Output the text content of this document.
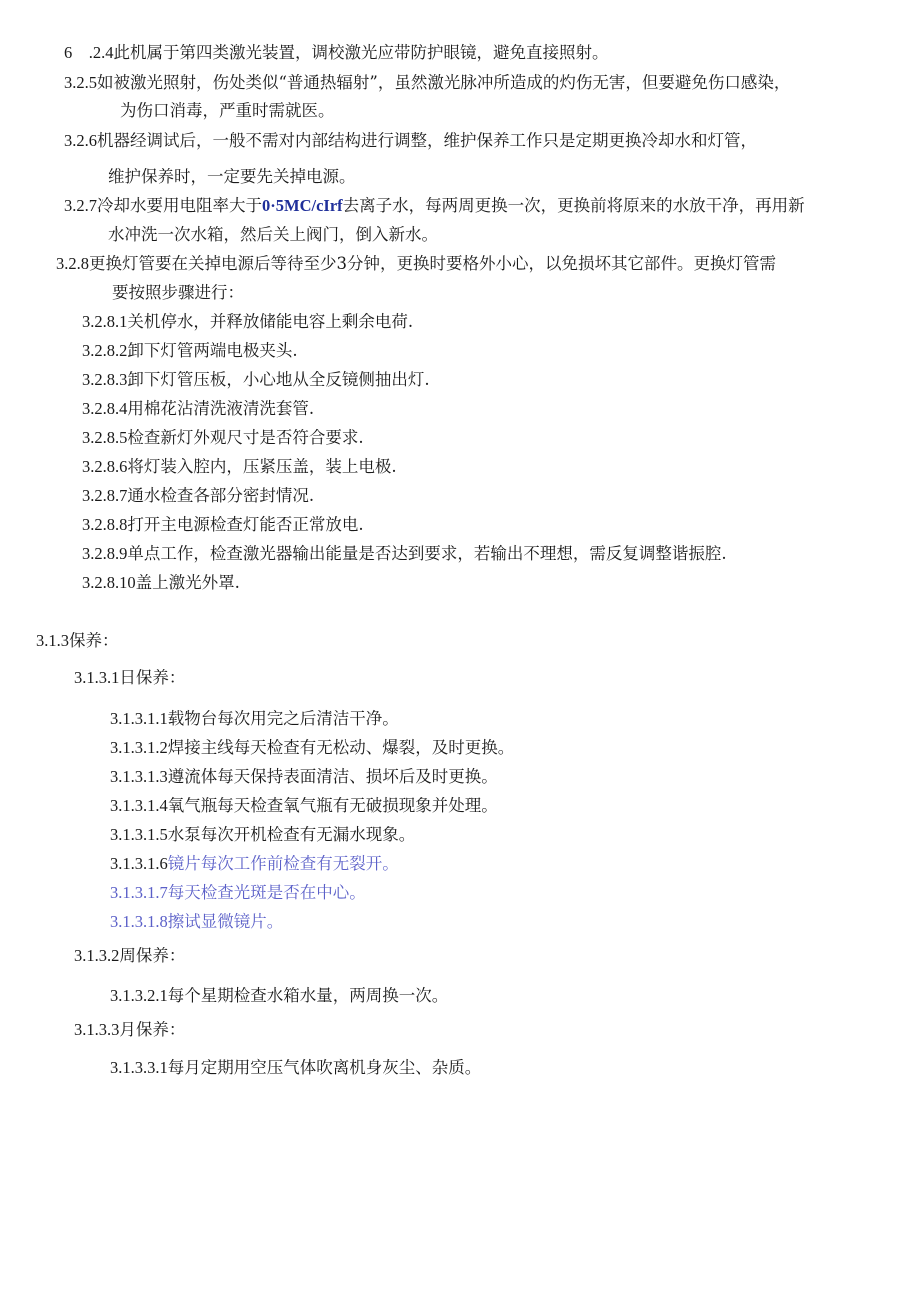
6　.2.4此机属于第四类激光装置，调校激光应带防护眼镜，避免直接照射。
3.2.5如被激光照射，伤处类似“普通热辐射”，虽然激光脉冲所造成的灼伤无害，但要避免伤口感染，
为伤口消毒，严重时需就医。
3.2.6机器经调试后，一般不需对内部结构进行调整，维护保养工作只是定期更换冷却水和灯管，
维护保养时，一定要先关掉电源。
3.2.7冷却水要用电阻率大于0·5MC/cIrf去离子水，每两周更换一次，更换前将原来的水放干净，再用新
水冲洗一次水箱，然后关上阀门，倒入新水。
3.2.8更换灯管要在关掉电源后等待至少3分钟，更换时要格外小心，以免损坏其它部件。更换灯管需
要按照步骤进行：
3.2.8.1关机停水，并释放储能电容上剩余电荷.
3.2.8.2卸下灯管两端电极夹头.
3.2.8.3卸下灯管压板，小心地从全反镜侧抽出灯.
3.2.8.4用棉花沾清洗液清洗套管.
3.2.8.5检查新灯外观尺寸是否符合要求.
3.2.8.6将灯装入腔内，压紧压盖，装上电极.
3.2.8.7通水检查各部分密封情况.
3.2.8.8打开主电源检查灯能否正常放电.
3.2.8.9单点工作，检查激光器输出能量是否达到要求，若输出不理想，需反复调整谐振腔.
3.2.8.10盖上激光外罩.
3.1.3保养：
3.1.3.1日保养：
3.1.3.1.1载物台每次用完之后清洁干净。
3.1.3.1.2焊接主线每天检查有无松动、爆裂，及时更换。
3.1.3.1.3遵流体每天保持表面清洁、损坏后及时更换。
3.1.3.1.4氧气瓶每天检查氧气瓶有无破损现象并处理。
3.1.3.1.5水泵每次开机检查有无漏水现象。
3.1.3.1.6镜片每次工作前检查有无裂开。
3.1.3.1.7每天检查光斑是否在中心。
3.1.3.1.8擦试显微镜片。
3.1.3.2周保养：
3.1.3.2.1每个星期检查水箱水量，两周换一次。
3.1.3.3月保养：
3.1.3.3.1每月定期用空压气体吹离机身灰尘、杂质。
